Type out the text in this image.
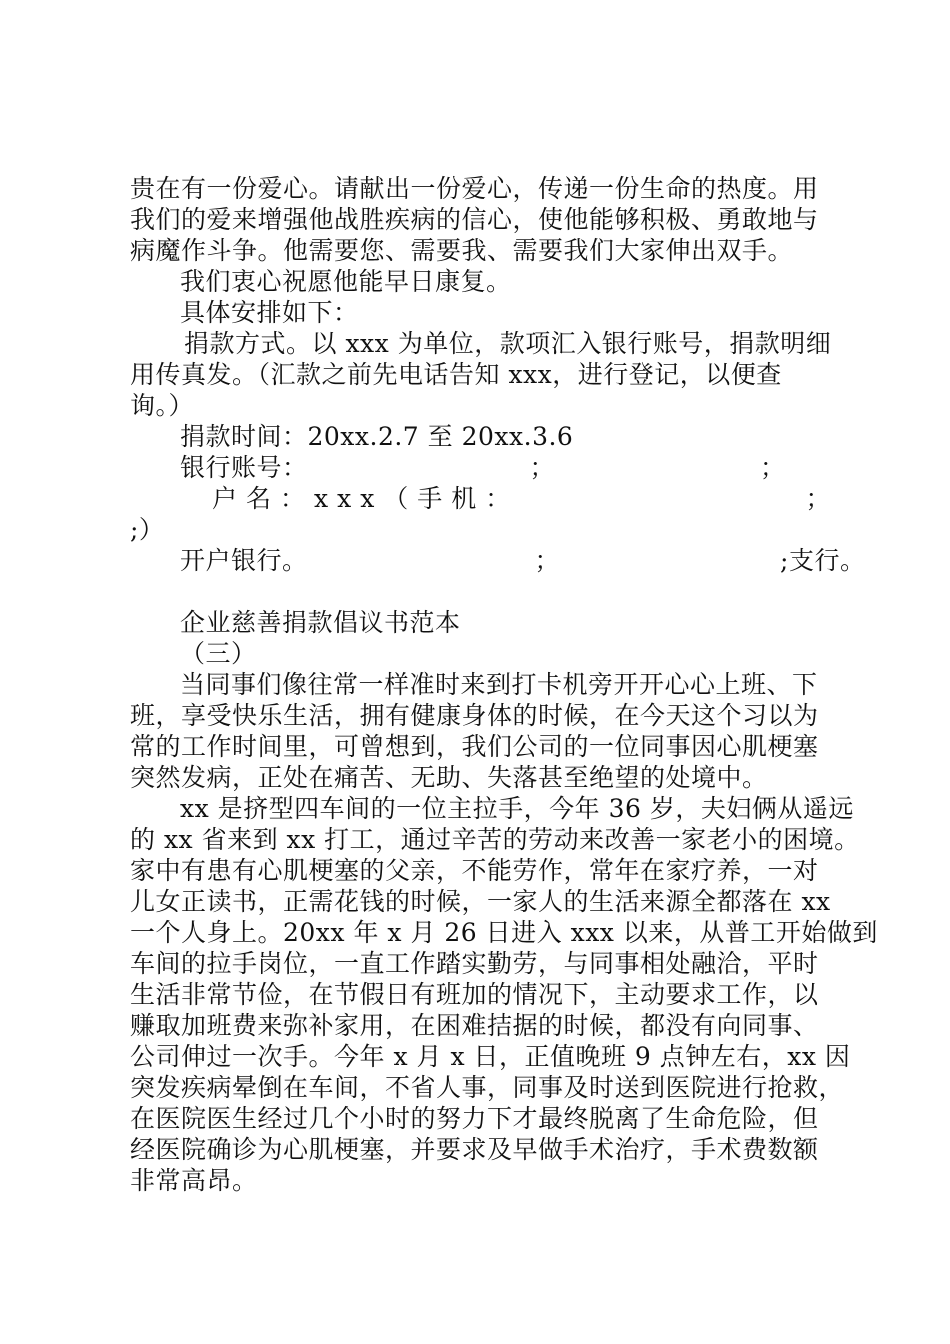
贵在有一份爱心。请献出一份爱心，传递一份生命的热度。用
我们的爱来增强他战胜疾病的信心，使他能够积极、勇敢地与
病魔作斗争。他需要您、需要我、需要我们大家伸出双手。
我们衷心祝愿他能早日康复。
具体安排如下：
捐款方式。以 xxx 为单位，款项汇入银行账号，捐款明细
用传真发。（汇款之前先电话告知 xxx，进行登记，以便查
询。）
捐款时间：20xx.2.7 至 20xx.3.6
银行账号：	；	；
户名：xxx（手机：	；
;）
开户银行。	；	;支行。
企业慈善捐款倡议书范本
（三）
当同事们像往常一样准时来到打卡机旁开开心心上班、下
班，享受快乐生活，拥有健康身体的时候，在今天这个习以为
常的工作时间里，可曾想到，我们公司的一位同事因心肌梗塞
突然发病，正处在痛苦、无助、失落甚至绝望的处境中。
xx 是挤型四车间的一位主拉手，今年 36 岁，夫妇俩从遥远
的 xx 省来到 xx 打工，通过辛苦的劳动来改善一家老小的困境。
家中有患有心肌梗塞的父亲，不能劳作，常年在家疗养，一对
儿女正读书，正需花钱的时候，一家人的生活来源全都落在 xx
一个人身上。20xx 年 x 月 26 日进入 xxx 以来，从普工开始做到
车间的拉手岗位，一直工作踏实勤劳，与同事相处融洽，平时
生活非常节俭，在节假日有班加的情况下，主动要求工作，以
赚取加班费来弥补家用，在困难拮据的时候，都没有向同事、
公司伸过一次手。今年 x 月 x 日，正值晚班 9 点钟左右，xx 因
突发疾病晕倒在车间，不省人事，同事及时送到医院进行抢救，
在医院医生经过几个小时的努力下才最终脱离了生命危险，但
经医院确诊为心肌梗塞，并要求及早做手术治疗，手术费数额
非常高昂。
